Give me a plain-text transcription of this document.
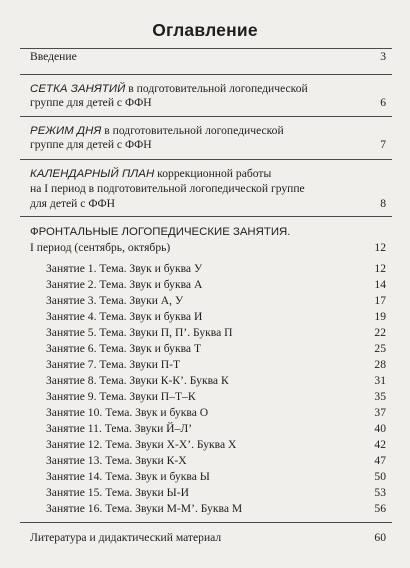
Оглавление
Введение	3
СЕТКА ЗАНЯТИЙ в подготовительной логопедической
группе для детей с ФФН	6
РЕЖИМ ДНЯ в подготовительной логопедической
группе для детей с ФФН	7
КАЛЕНДАРНЫЙ ПЛАН коррекционной работы
на I период в подготовительной логопедической группе
для детей с ФФН	8
ФРОНТАЛЬНЫЕ ЛОГОПЕДИЧЕСКИЕ ЗАНЯТИЯ.
I период (сентябрь, октябрь)	12
Занятие 1. Тема. Звук и буква У	12
Занятие 2. Тема. Звук и буква А	14
Занятие 3. Тема. Звуки А, У	17
Занятие 4. Тема. Звук и буква И	19
Занятие 5. Тема. Звуки П, П’. Буква П	22
Занятие 6. Тема. Звук и буква Т	25
Занятие 7. Тема. Звуки П-Т	28
Занятие 8. Тема. Звуки К-К’. Буква К	31
Занятие 9. Тема. Звуки П–Т–К	35
Занятие 10. Тема. Звук и буква О	37
Занятие 11. Тема. Звуки Й–Л’	40
Занятие 12. Тема. Звуки Х-Х’. Буква Х	42
Занятие 13. Тема. Звуки К-Х	47
Занятие 14. Тема. Звук и буква Ы	50
Занятие 15. Тема. Звуки Ы-И	53
Занятие 16. Тема. Звуки М-М’. Буква М	56
Литература и дидактический материал	60
